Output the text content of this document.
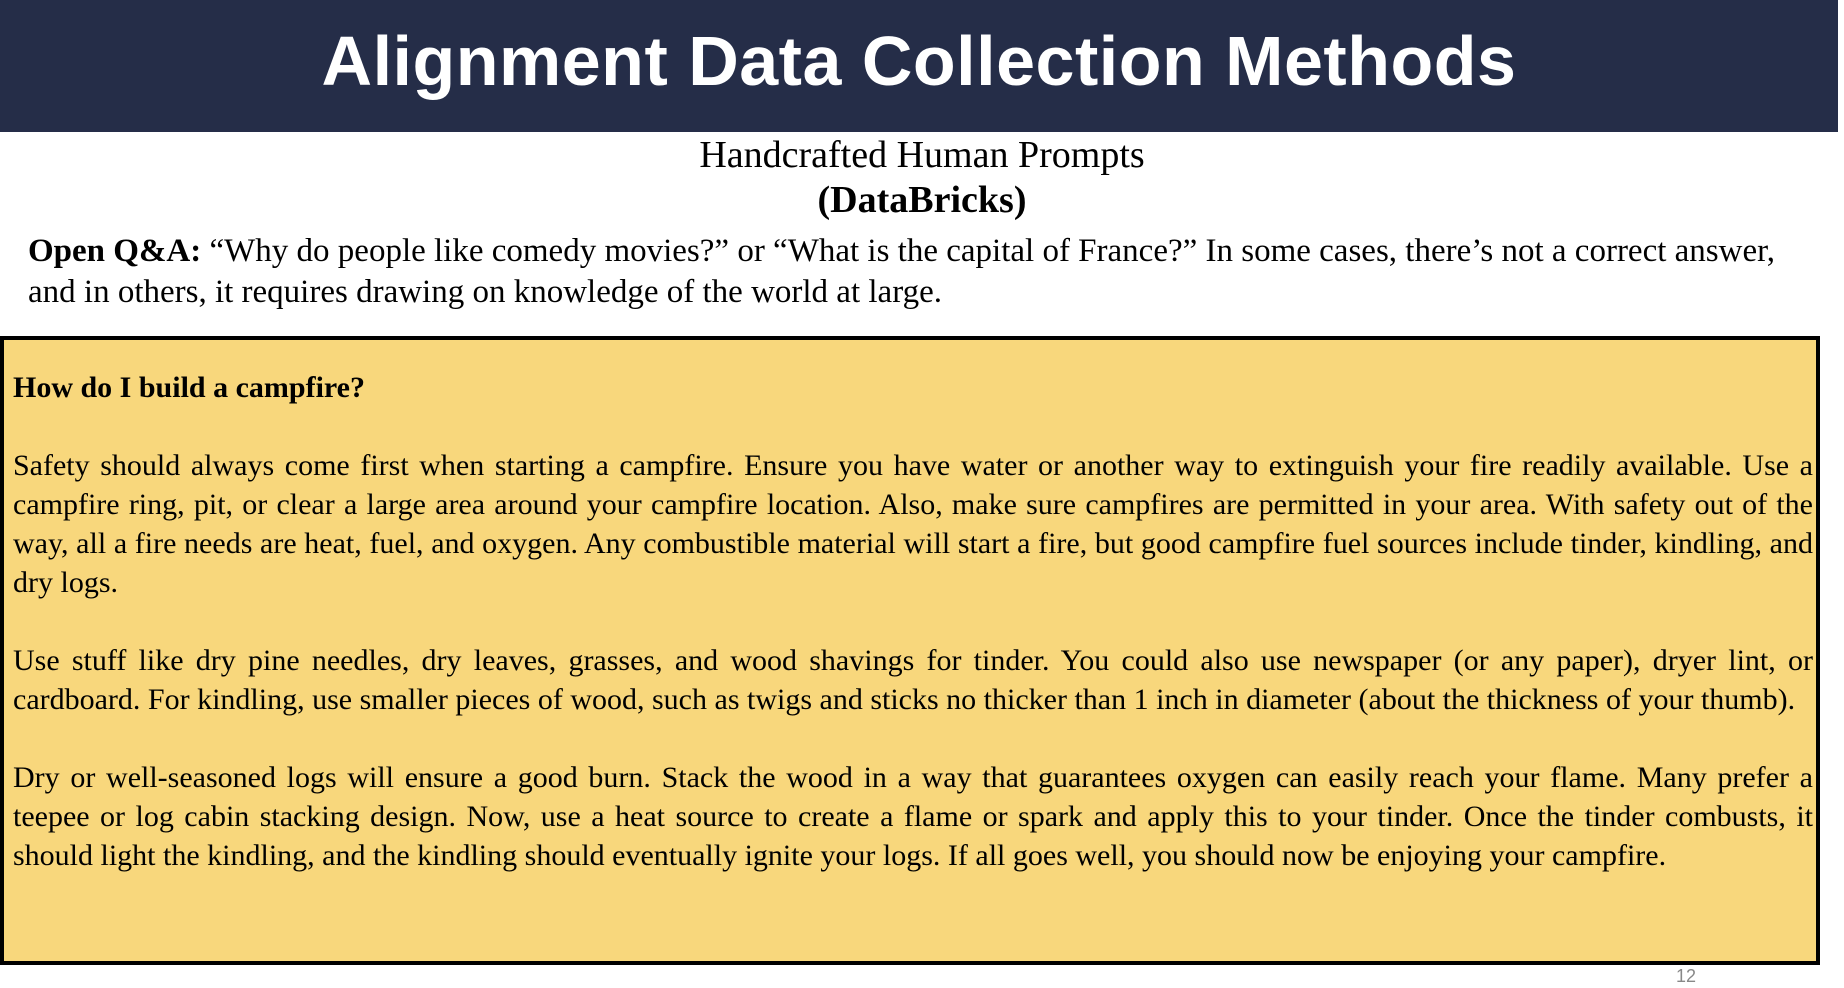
Alignment Data Collection Methods
Handcrafted Human Prompts
(DataBricks)
Open Q&A: “Why do people like comedy movies?” or “What is the capital of France?” In some cases, there’s not a correct answer, and in others, it requires drawing on knowledge of the world at large.
How do I build a campfire?

Safety should always come first when starting a campfire. Ensure you have water or another way to extinguish your fire readily available. Use a campfire ring, pit, or clear a large area around your campfire location. Also, make sure campfires are permitted in your area. With safety out of the way, all a fire needs are heat, fuel, and oxygen. Any combustible material will start a fire, but good campfire fuel sources include tinder, kindling, and dry logs.

Use stuff like dry pine needles, dry leaves, grasses, and wood shavings for tinder. You could also use newspaper (or any paper), dryer lint, or cardboard. For kindling, use smaller pieces of wood, such as twigs and sticks no thicker than 1 inch in diameter (about the thickness of your thumb).

Dry or well-seasoned logs will ensure a good burn. Stack the wood in a way that guarantees oxygen can easily reach your flame. Many prefer a teepee or log cabin stacking design. Now, use a heat source to create a flame or spark and apply this to your tinder. Once the tinder combusts, it should light the kindling, and the kindling should eventually ignite your logs. If all goes well, you should now be enjoying your campfire.

12
